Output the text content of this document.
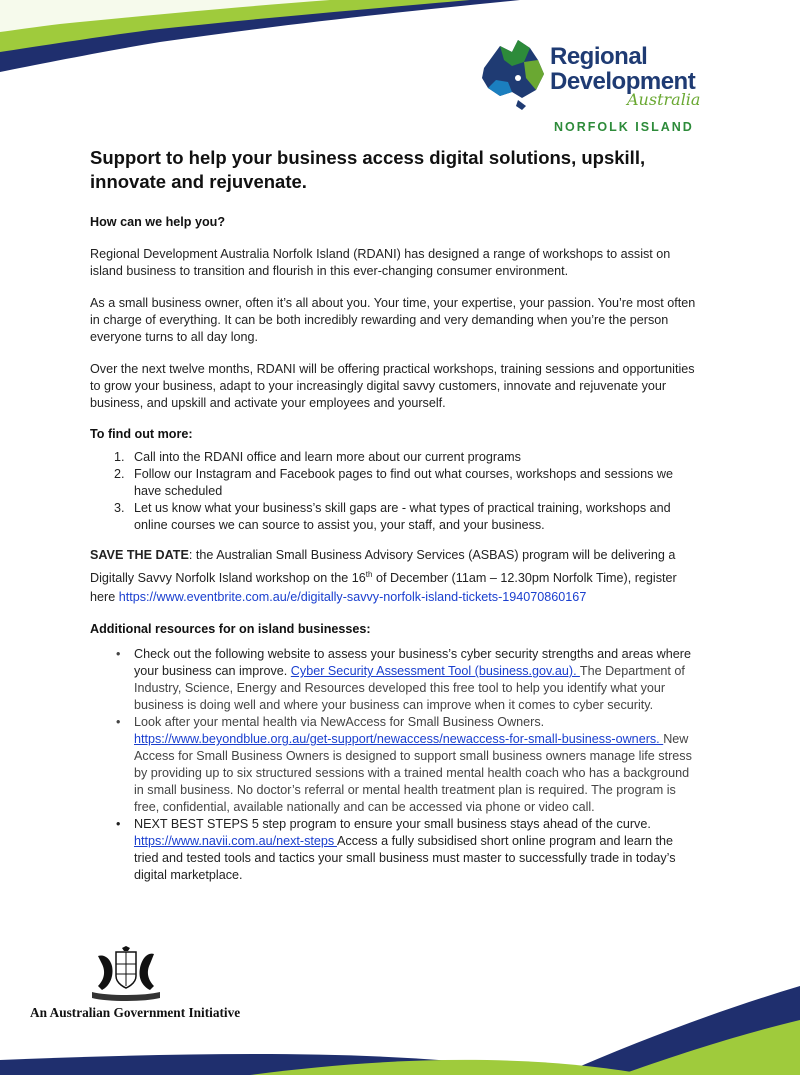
Regional
Development
Australia
NORFOLK ISLAND
Support to help your business access digital solutions, upskill,
innovate and rejuvenate.
How can we help you?

Regional Development Australia Norfolk Island (RDANI) has designed a range of workshops to assist on island business to transition and flourish in this ever-changing consumer environment.

As a small business owner, often it’s all about you. Your time, your expertise, your passion. You’re most often in charge of everything. It can be both incredibly rewarding and very demanding when you’re the person everyone turns to all day long.

Over the next twelve months, RDANI will be offering practical workshops, training sessions and opportunities to grow your business, adapt to your increasingly digital savvy customers, innovate and rejuvenate your business, and upskill and activate your employees and yourself.

To find out more:
1. Call into the RDANI office and learn more about our current programs
2. Follow our Instagram and Facebook pages to find out what courses, workshops and sessions we have scheduled
3. Let us know what your business’s skill gaps are - what types of practical training, workshops and online courses we can source to assist you, your staff, and your business.

SAVE THE DATE: the Australian Small Business Advisory Services (ASBAS) program will be delivering a Digitally Savvy Norfolk Island workshop on the 16th of December (11am – 12.30pm Norfolk Time), register here https://www.eventbrite.com.au/e/digitally-savvy-norfolk-island-tickets-194070860167

Additional resources for on island businesses:
• Check out the following website to assess your business’s cyber security strengths and areas where your business can improve. Cyber Security Assessment Tool (business.gov.au). The Department of Industry, Science, Energy and Resources developed this free tool to help you identify what your business is doing well and where your business can improve when it comes to cyber security.
• Look after your mental health via NewAccess for Small Business Owners. https://www.beyondblue.org.au/get-support/newaccess/newaccess-for-small-business-owners. New Access for Small Business Owners is designed to support small business owners manage life stress by providing up to six structured sessions with a trained mental health coach who has a background in small business. No doctor’s referral or mental health treatment plan is required. The program is free, confidential, available nationally and can be accessed via phone or video call.
• NEXT BEST STEPS 5 step program to ensure your small business stays ahead of the curve. https://www.navii.com.au/next-steps Access a fully subsidised short online program and learn the tried and tested tools and tactics your small business must master to successfully trade in today’s digital marketplace.
An Australian Government Initiative
